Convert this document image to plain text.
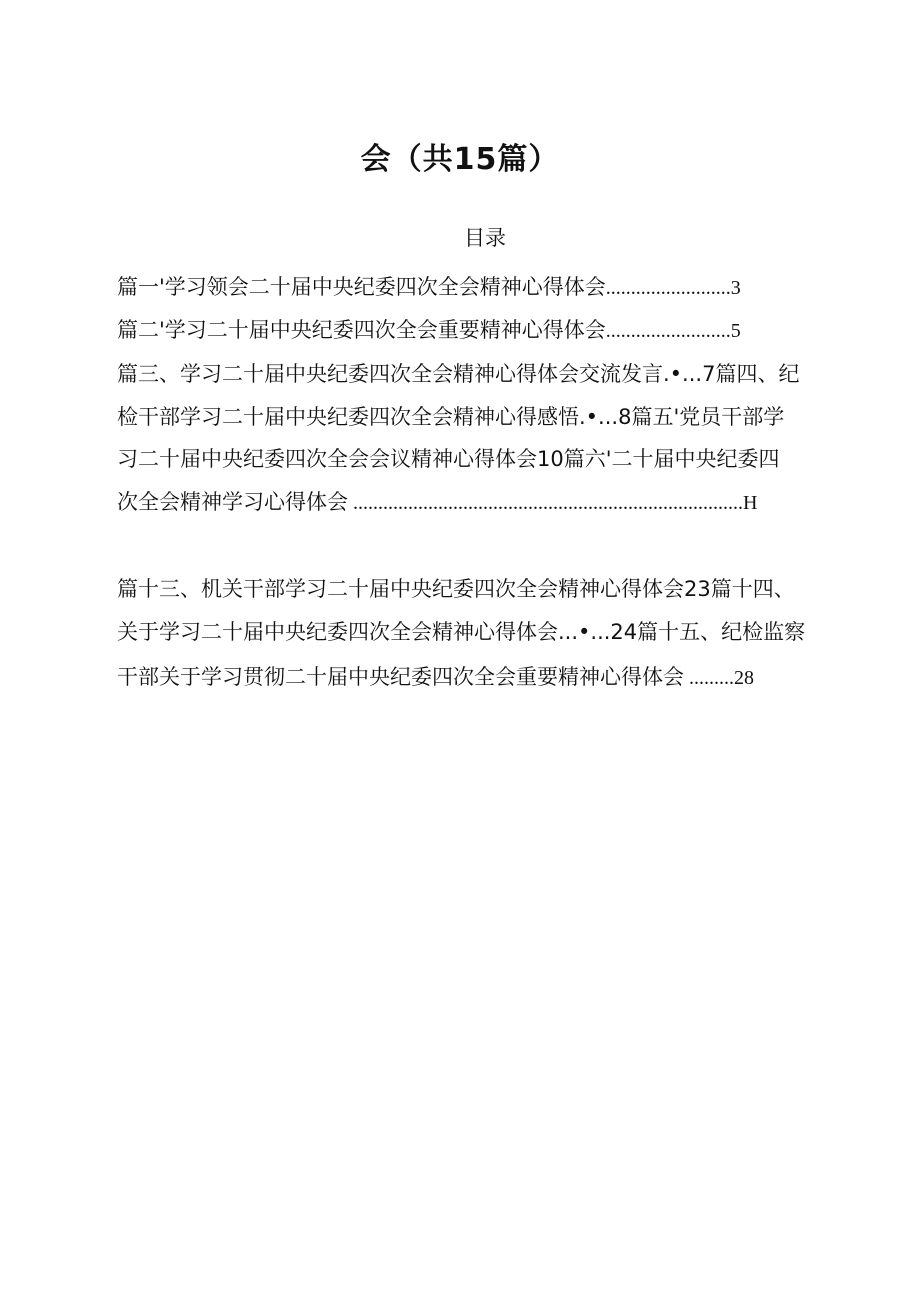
会（共15篇）
目录
篇一'学习领会二十届中央纪委四次全会精神心得体会.........................3
篇二'学习二十届中央纪委四次全会重要精神心得体会.........................5
篇三、学习二十届中央纪委四次全会精神心得体会交流发言.•...7篇四、纪
检干部学习二十届中央纪委四次全会精神心得感悟.•...8篇五'党员干部学
习二十届中央纪委四次全会会议精神心得体会10篇六'二十届中央纪委四
次全会精神学习心得体会 ..............................................................................H
篇十三、机关干部学习二十届中央纪委四次全会精神心得体会23篇十四、
关于学习二十届中央纪委四次全会精神心得体会...•...24篇十五、纪检监察
干部关于学习贯彻二十届中央纪委四次全会重要精神心得体会 .........28
